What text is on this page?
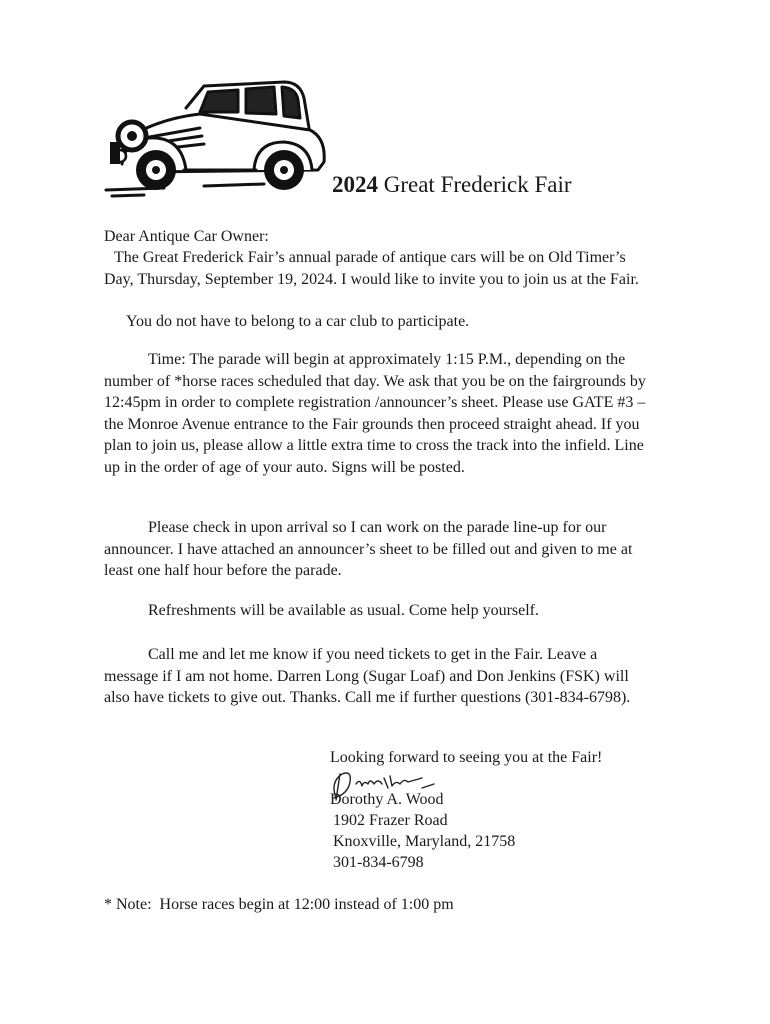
2024 Great Frederick Fair
Dear Antique Car Owner:

The Great Frederick Fair’s annual parade of antique cars will be on Old Timer’s Day, Thursday, September 19, 2024. I would like to invite you to join us at the Fair.

You do not have to belong to a car club to participate.

Time: The parade will begin at approximately 1:15 P.M., depending on the number of *horse races scheduled that day. We ask that you be on the fairgrounds by 12:45pm in order to complete registration /announcer’s sheet. Please use GATE #3 – the Monroe Avenue entrance to the Fair grounds then proceed straight ahead. If you plan to join us, please allow a little extra time to cross the track into the infield. Line up in the order of age of your auto. Signs will be posted.

Please check in upon arrival so I can work on the parade line-up for our announcer. I have attached an announcer’s sheet to be filled out and given to me at least one half hour before the parade.

Refreshments will be available as usual. Come help yourself.

Call me and let me know if you need tickets to get in the Fair. Leave a message if I am not home. Darren Long (Sugar Loaf) and Don Jenkins (FSK) will also have tickets to give out. Thanks. Call me if further questions (301-834-6798).

Looking forward to seeing you at the Fair!
Dorothy A. Wood
1902 Frazer Road
Knoxville, Maryland, 21758
301-834-6798
* Note: Horse races begin at 12:00 instead of 1:00 pm
